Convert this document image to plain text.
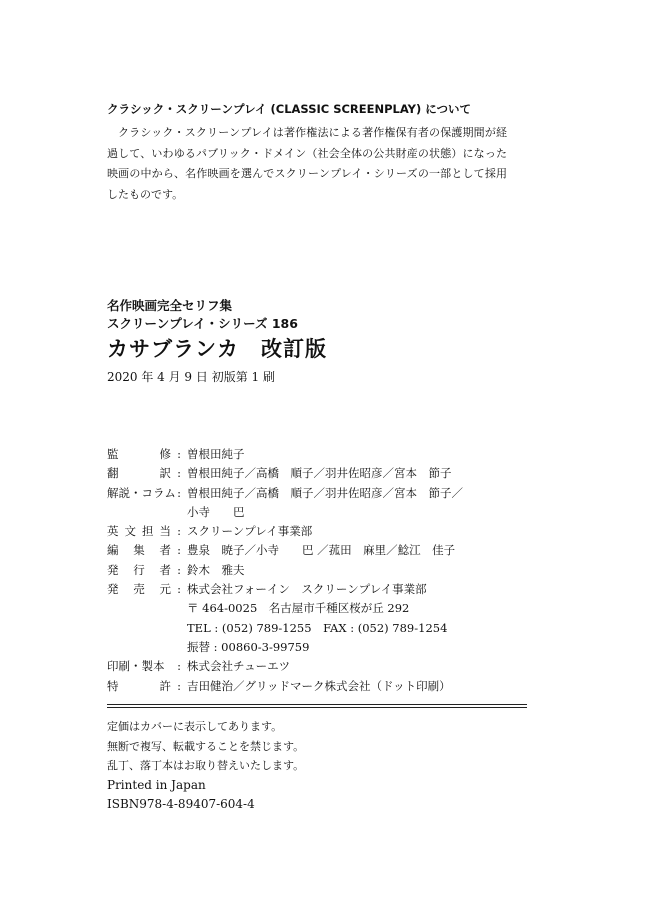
クラシック・スクリーンプレイ (CLASSIC SCREENPLAY) について
クラシック・スクリーンプレイは著作権法による著作権保有者の保護期間が経過して、いわゆるパブリック・ドメイン（社会全体の公共財産の状態）になった映画の中から、名作映画を選んでスクリーンプレイ・シリーズの一部として採用したものです。
名作映画完全セリフ集
スクリーンプレイ・シリーズ 186
カサブランカ　改訂版
2020 年 4 月 9 日 初版第 1 刷
監	修 : 曽根田純子
翻	訳 : 曽根田純子／高橋　順子／羽井佐昭彦／宮本　節子
解説・コラム : 曽根田純子／高橋　順子／羽井佐昭彦／宮本　節子／
小寺　　巴
英 文 担 当 : スクリーンプレイ事業部
編 集 者 : 豊泉　暁子／小寺　　巴 ／菰田　麻里／鯰江　佳子
発 行 者 : 鈴木　雅夫
発 売 元 : 株式会社フォーイン　スクリーンプレイ事業部
〒 464-0025　名古屋市千種区桜が丘 292
TEL : (052) 789-1255　FAX : (052) 789-1254
振替 : 00860-3-99759
印刷・製本	: 株式会社チューエツ
特	許 : 吉田健治／グリッドマーク株式会社（ドット印刷）
定価はカバーに表示してあります。
無断で複写、転載することを禁じます。
乱丁、落丁本はお取り替えいたします。
Printed in Japan
ISBN978-4-89407-604-4
